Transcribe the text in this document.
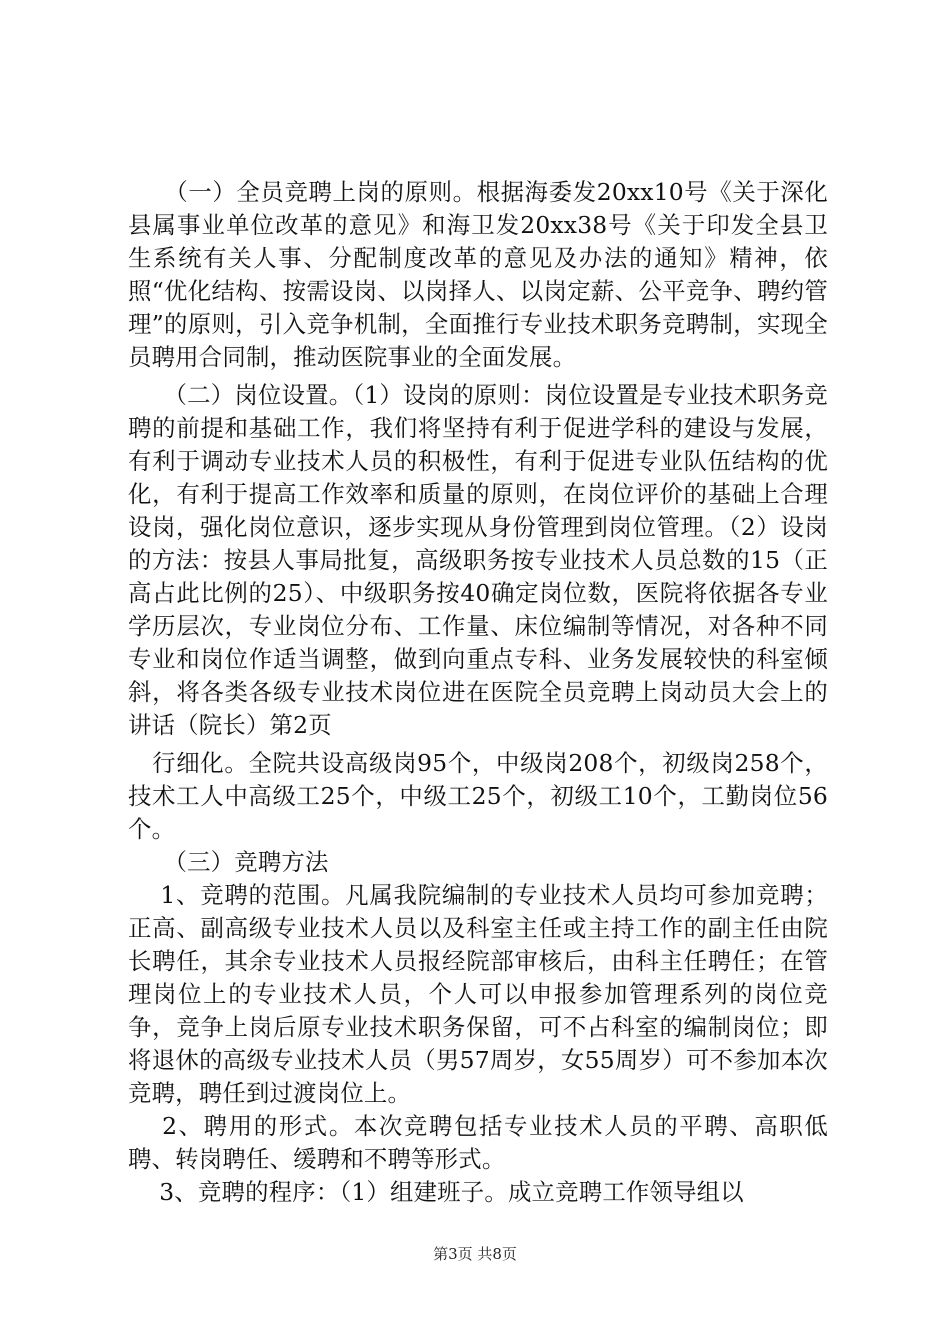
　　（一）全员竞聘上岗的原则。根据海委发20xx10号《关于深化县属事业单位改革的意见》和海卫发20xx38号《关于印发全县卫生系统有关人事、分配制度改革的意见及办法的通知》精神，依照“优化结构、按需设岗、以岗择人、以岗定薪、公平竞争、聘约管理”的原则，引入竞争机制，全面推行专业技术职务竞聘制，实现全员聘用合同制，推动医院事业的全面发展。

　　（二）岗位设置。（1）设岗的原则：岗位设置是专业技术职务竞聘的前提和基础工作，我们将坚持有利于促进学科的建设与发展，有利于调动专业技术人员的积极性，有利于促进专业队伍结构的优化，有利于提高工作效率和质量的原则，在岗位评价的基础上合理设岗，强化岗位意识，逐步实现从身份管理到岗位管理。（2）设岗的方法：按县人事局批复，高级职务按专业技术人员总数的15（正高占此比例的25）、中级职务按40确定岗位数，医院将依据各专业学历层次，专业岗位分布、工作量、床位编制等情况，对各种不同专业和岗位作适当调整，做到向重点专科、业务发展较快的科室倾斜，将各类各级专业技术岗位进在医院全员竞聘上岗动员大会上的讲话（院长）第2页

　行细化。全院共设高级岗95个，中级岗208个，初级岗258个，技术工人中高级工25个，中级工25个，初级工10个，工勤岗位56个。

　　（三）竞聘方法

　 1、竞聘的范围。凡属我院编制的专业技术人员均可参加竞聘；正高、副高级专业技术人员以及科室主任或主持工作的副主任由院长聘任，其余专业技术人员报经院部审核后，由科主任聘任；在管理岗位上的专业技术人员，个人可以申报参加管理系列的岗位竞争，竞争上岗后原专业技术职务保留，可不占科室的编制岗位；即将退休的高级专业技术人员（男57周岁，女55周岁）可不参加本次竞聘，聘任到过渡岗位上。

　 2、聘用的形式。本次竞聘包括专业技术人员的平聘、高职低聘、转岗聘任、缓聘和不聘等形式。

　 3、竞聘的程序：（1）组建班子。成立竞聘工作领导组以

第3页 共8页
